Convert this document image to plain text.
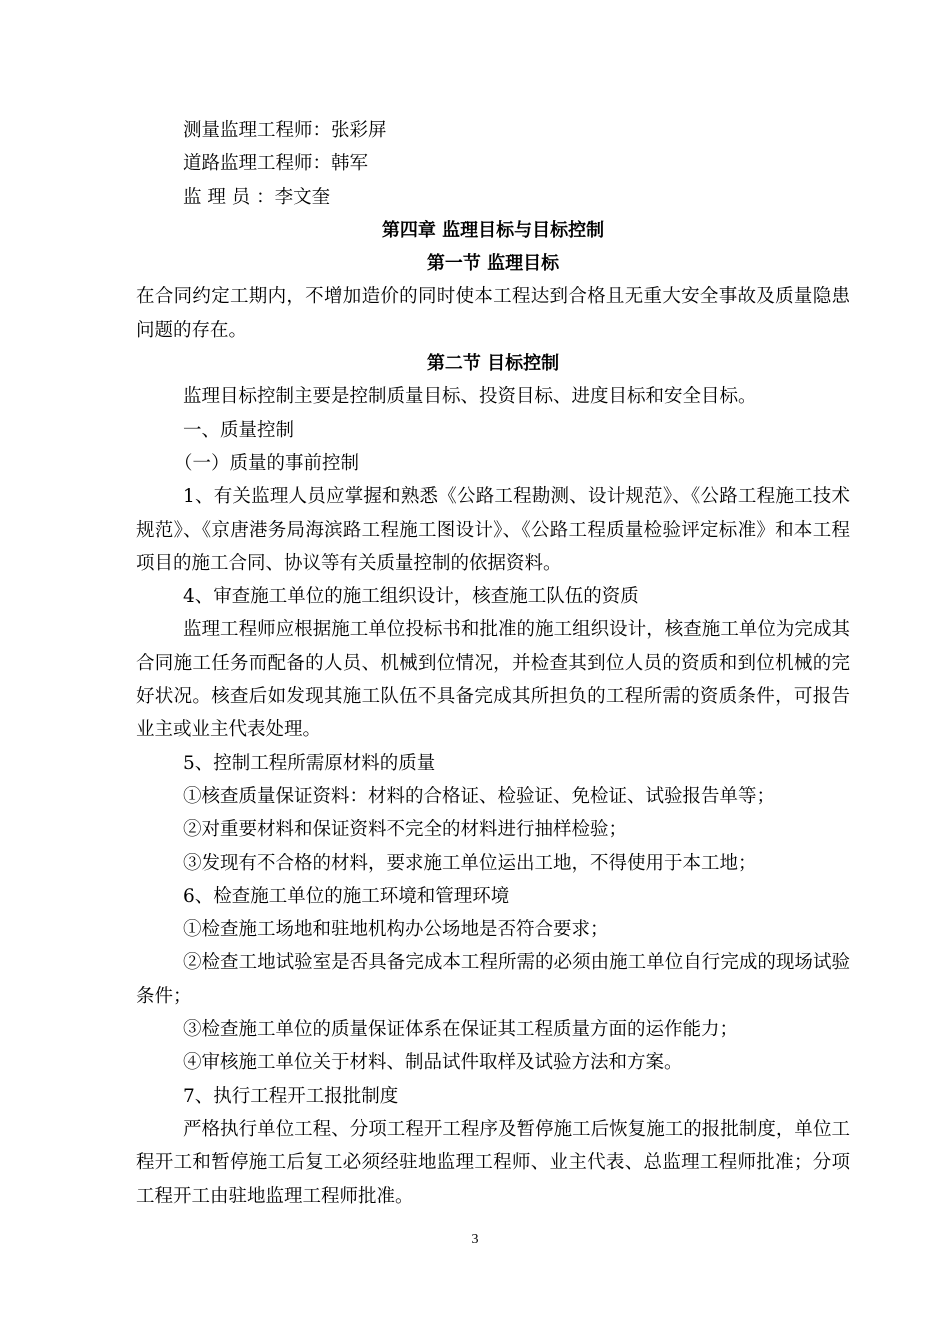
测量监理工程师：张彩屏

道路监理工程师：韩军

监 理 员 ：李文奎

第四章 监理目标与目标控制

第一节 监理目标

在合同约定工期内，不增加造价的同时使本工程达到合格且无重大安全事故及质量隐患问题的存在。

第二节 目标控制

监理目标控制主要是控制质量目标、投资目标、进度目标和安全目标。

一、质量控制

（一）质量的事前控制

1、有关监理人员应掌握和熟悉《公路工程勘测、设计规范》、《公路工程施工技术规范》、《京唐港务局海滨路工程施工图设计》、《公路工程质量检验评定标准》和本工程项目的施工合同、协议等有关质量控制的依据资料。

4、审查施工单位的施工组织设计，核查施工队伍的资质

监理工程师应根据施工单位投标书和批准的施工组织设计，核查施工单位为完成其合同施工任务而配备的人员、机械到位情况，并检查其到位人员的资质和到位机械的完好状况。核查后如发现其施工队伍不具备完成其所担负的工程所需的资质条件，可报告业主或业主代表处理。

5、控制工程所需原材料的质量

①核查质量保证资料：材料的合格证、检验证、免检证、试验报告单等；

②对重要材料和保证资料不完全的材料进行抽样检验；

③发现有不合格的材料，要求施工单位运出工地，不得使用于本工地；

6、检查施工单位的施工环境和管理环境

①检查施工场地和驻地机构办公场地是否符合要求；

②检查工地试验室是否具备完成本工程所需的必须由施工单位自行完成的现场试验条件；

③检查施工单位的质量保证体系在保证其工程质量方面的运作能力；

④审核施工单位关于材料、制品试件取样及试验方法和方案。

7、执行工程开工报批制度

严格执行单位工程、分项工程开工程序及暂停施工后恢复施工的报批制度，单位工程开工和暂停施工后复工必须经驻地监理工程师、业主代表、总监理工程师批准；分项工程开工由驻地监理工程师批准。

3
